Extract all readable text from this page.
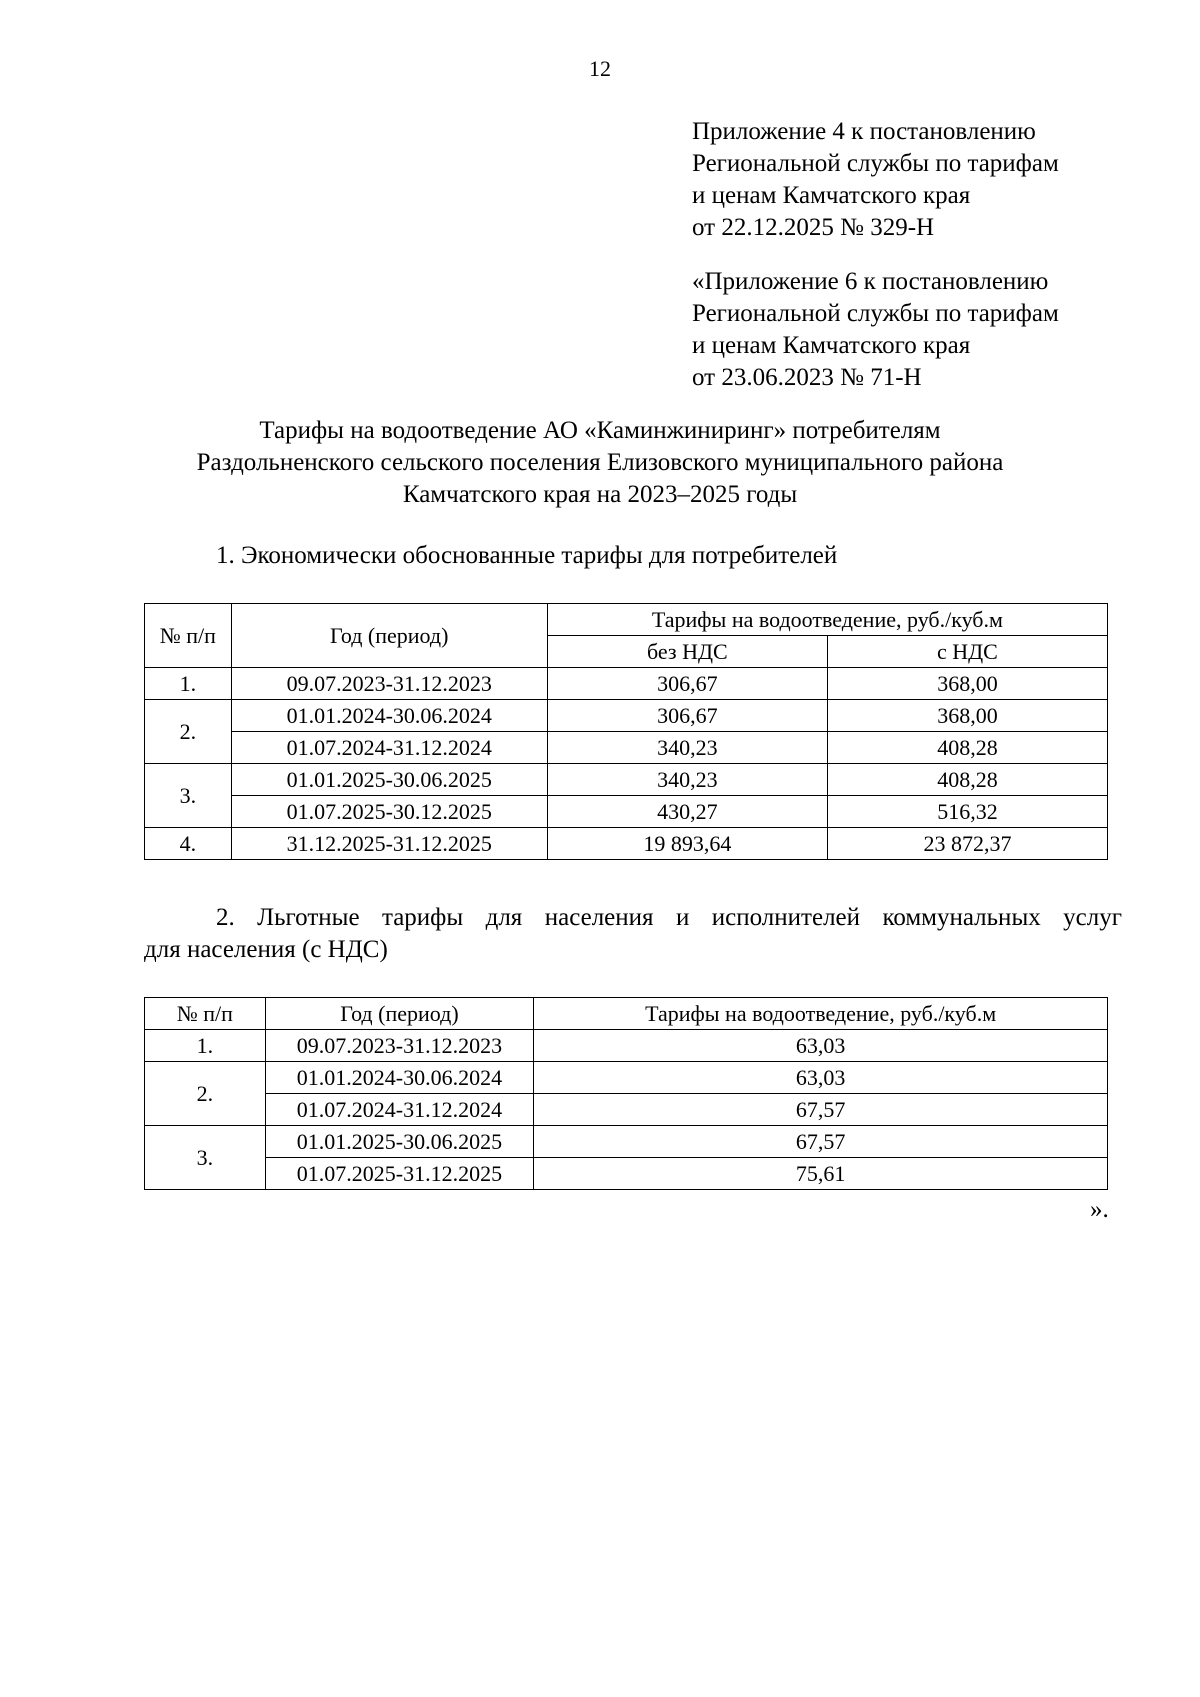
12
Приложение 4 к постановлению
Региональной службы по тарифам
и ценам Камчатского края
от 22.12.2025 № 329-Н
«Приложение 6 к постановлению
Региональной службы по тарифам
и ценам Камчатского края
от 23.06.2023 № 71-Н
Тарифы на водоотведение АО «Каминжиниринг» потребителям
Раздольненского сельского поселения Елизовского муниципального района
Камчатского края на 2023–2025 годы
1. Экономически обоснованные тарифы для потребителей
№ п/п	Год (период)	Тарифы на водоотведение, руб./куб.м	
		без НДС	с НДС
1.	09.07.2023-31.12.2023	306,67	368,00
2.	01.01.2024-30.06.2024	306,67	368,00
	01.07.2024-31.12.2024	340,23	408,28
3.	01.01.2025-30.06.2025	340,23	408,28
	01.07.2025-30.12.2025	430,27	516,32
4.	31.12.2025-31.12.2025	19 893,64	23 872,37
2. Льготные тарифы для населения и исполнителей коммунальных услуг
для населения (с НДС)
№ п/п	Год (период)	Тарифы на водоотведение, руб./куб.м
1.	09.07.2023-31.12.2023	63,03
2.	01.01.2024-30.06.2024	63,03
	01.07.2024-31.12.2024	67,57
3.	01.01.2025-30.06.2025	67,57
	01.07.2025-31.12.2025	75,61
».
